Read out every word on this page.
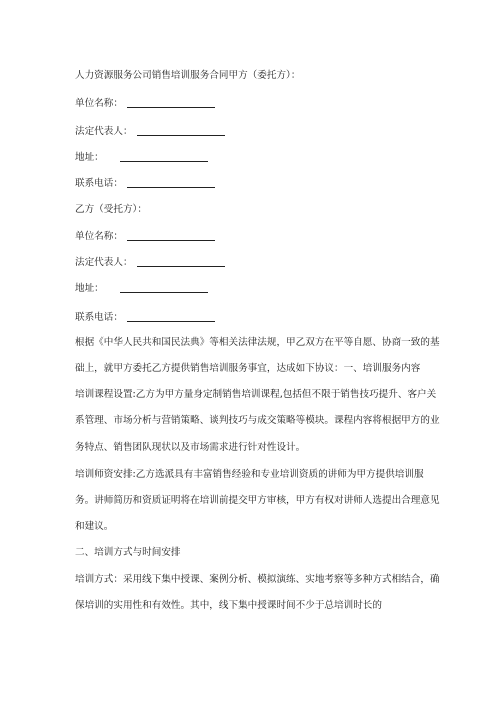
人力资源服务公司销售培训服务合同甲方（委托方）：
单位名称：
法定代表人：
地址：
联系电话：
乙方（受托方）：
单位名称：
法定代表人：
地址：
联系电话：
根据《中华人民共和国民法典》等相关法律法规，甲乙双方在平等自愿、协商一致的基
础上，就甲方委托乙方提供销售培训服务事宜，达成如下协议：一、培训服务内容
培训课程设置:乙方为甲方量身定制销售培训课程,包括但不限于销售技巧提升、客户关
系管理、市场分析与营销策略、谈判技巧与成交策略等模块。课程内容将根据甲方的业
务特点、销售团队现状以及市场需求进行针对性设计。
培训师资安排:乙方选派具有丰富销售经验和专业培训资质的讲师为甲方提供培训服
务。讲师简历和资质证明将在培训前提交甲方审核，甲方有权对讲师人选提出合理意见
和建议。
二、培训方式与时间安排
培训方式：采用线下集中授课、案例分析、模拟演练、实地考察等多种方式相结合，确
保培训的实用性和有效性。其中，线下集中授课时间不少于总培训时长的
